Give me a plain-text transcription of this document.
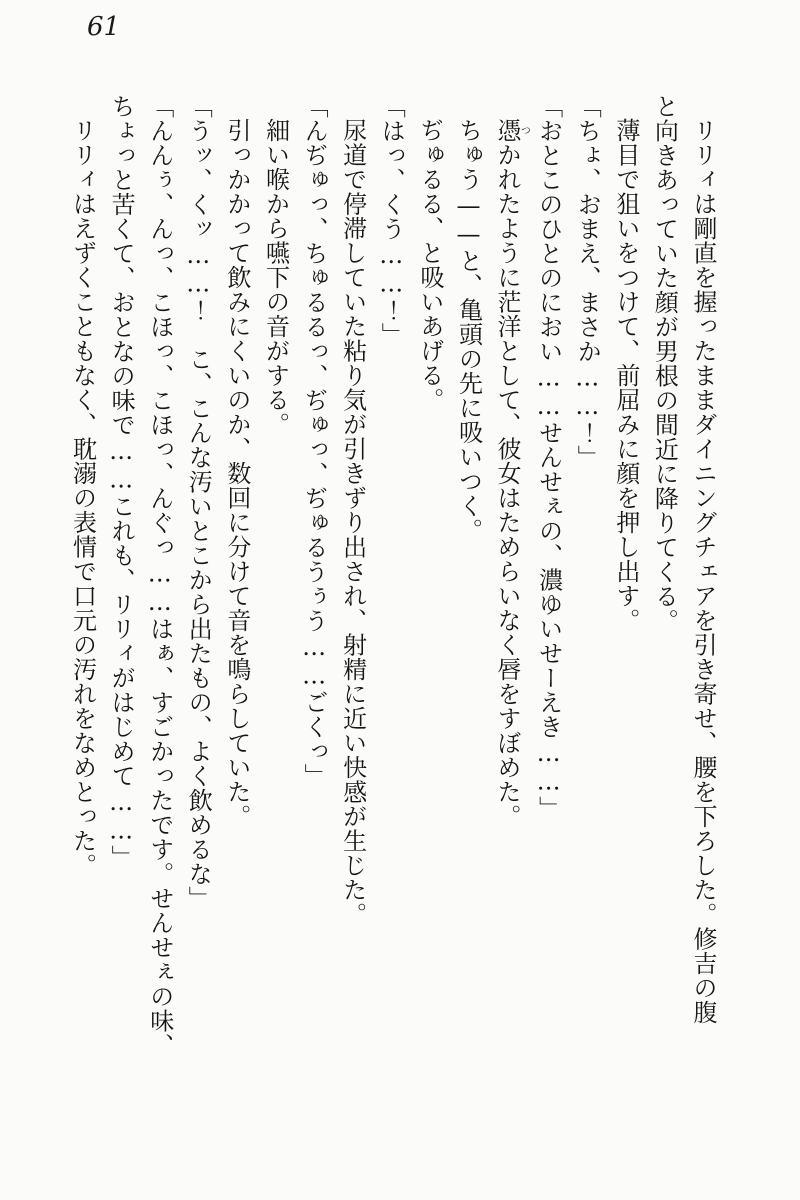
61

リリィは剛直を握ったままダイニングチェアを引き寄せ、腰を下ろした。修吉の腹

と向きあっていた顔が男根の間近に降りてくる。

薄目で狙いをつけて、前屈みに顔を押し出す。

「ちょ、おまえ、まさか……！」

「おとこのひとのにおい……せんせぇの、濃ゆいせーえき……」

憑つかれたように茫洋として、彼女はためらいなく唇をすぼめた。

ちゅう——と、亀頭の先に吸いつく。

ぢゅるる、と吸いあげる。

「はっ、くう……！」

尿道で停滞していた粘り気が引きずり出され、射精に近い快感が生じた。

「んぢゅっ、ちゅるるっ、ぢゅっ、ぢゅるうぅう……ごくっ」

細い喉から嚥下の音がする。

引っかかって飲みにくいのか、数回に分けて音を鳴らしていた。

「うッ、くッ……！　こ、こんな汚いとこから出たもの、よく飲めるな」

「んんぅ、んっ、こほっ、こほっ、んぐっ……はぁ、すごかったです。せんせぇの味、

ちょっと苦くて、おとなの味で……これも、リリィがはじめて……」

リリィはえずくこともなく、耽溺の表情で口元の汚れをなめとった。
